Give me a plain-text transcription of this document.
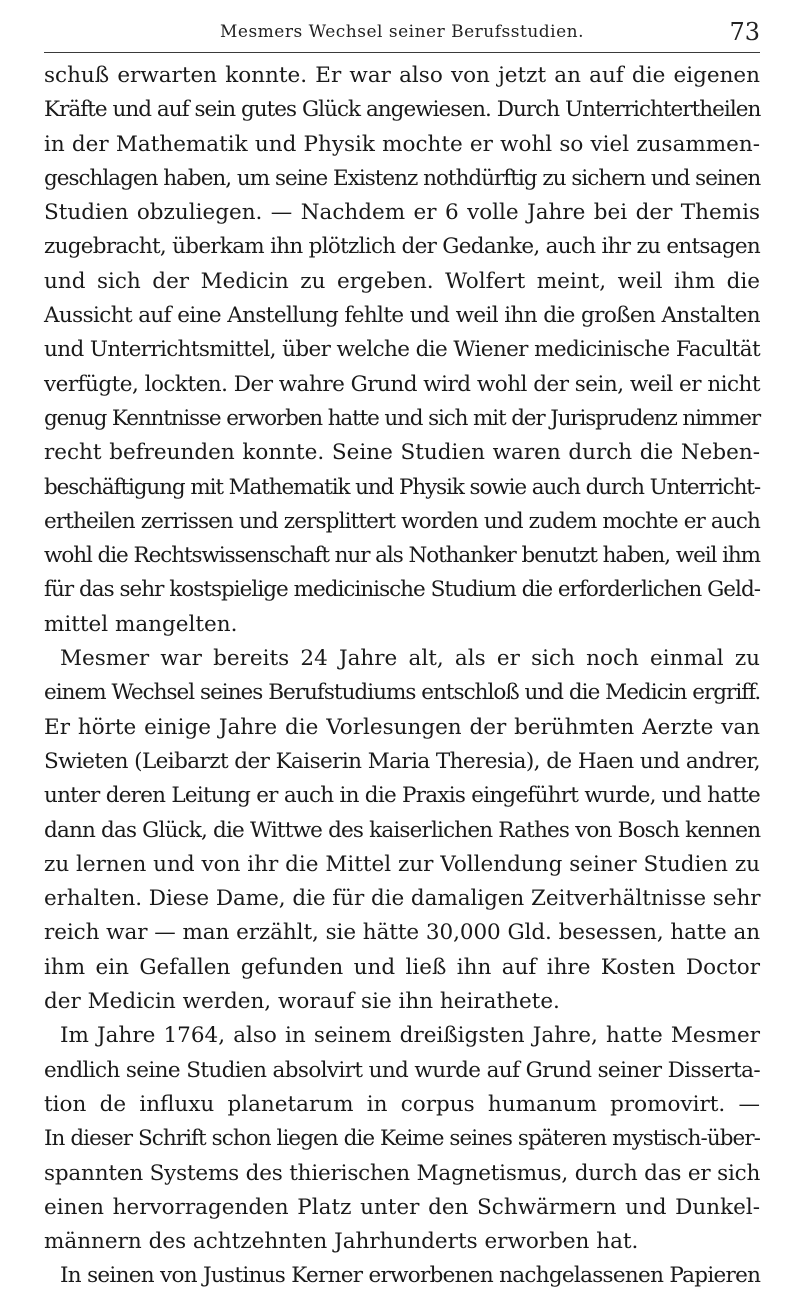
Mesmers Wechsel seiner Berufsstudien.	73
schuß erwarten konnte. Er war also von jetzt an auf die eigenen
Kräfte und auf sein gutes Glück angewiesen. Durch Unterrichtertheilen
in der Mathematik und Physik mochte er wohl so viel zusammen-
geschlagen haben, um seine Existenz nothdürftig zu sichern und seinen
Studien obzuliegen. — Nachdem er 6 volle Jahre bei der Themis
zugebracht, überkam ihn plötzlich der Gedanke, auch ihr zu entsagen
und sich der Medicin zu ergeben. Wolfert meint, weil ihm die
Aussicht auf eine Anstellung fehlte und weil ihn die großen Anstalten
und Unterrichtsmittel, über welche die Wiener medicinische Facultät
verfügte, lockten. Der wahre Grund wird wohl der sein, weil er nicht
genug Kenntnisse erworben hatte und sich mit der Jurisprudenz nimmer
recht befreunden konnte. Seine Studien waren durch die Neben-
beschäftigung mit Mathematik und Physik sowie auch durch Unterricht-
ertheilen zerrissen und zersplittert worden und zudem mochte er auch
wohl die Rechtswissenschaft nur als Nothanker benutzt haben, weil ihm
für das sehr kostspielige medicinische Studium die erforderlichen Geld-
mittel mangelten.
Mesmer war bereits 24 Jahre alt, als er sich noch einmal zu
einem Wechsel seines Berufstudiums entschloß und die Medicin ergriff.
Er hörte einige Jahre die Vorlesungen der berühmten Aerzte van
Swieten (Leibarzt der Kaiserin Maria Theresia), de Haen und andrer,
unter deren Leitung er auch in die Praxis eingeführt wurde, und hatte
dann das Glück, die Wittwe des kaiserlichen Rathes von Bosch kennen
zu lernen und von ihr die Mittel zur Vollendung seiner Studien zu
erhalten. Diese Dame, die für die damaligen Zeitverhältnisse sehr
reich war — man erzählt, sie hätte 30,000 Gld. besessen, hatte an
ihm ein Gefallen gefunden und ließ ihn auf ihre Kosten Doctor
der Medicin werden, worauf sie ihn heirathete.
Im Jahre 1764, also in seinem dreißigsten Jahre, hatte Mesmer
endlich seine Studien absolvirt und wurde auf Grund seiner Disserta-
tion de influxu planetarum in corpus humanum promovirt. —
In dieser Schrift schon liegen die Keime seines späteren mystisch-über-
spannten Systems des thierischen Magnetismus, durch das er sich
einen hervorragenden Platz unter den Schwärmern und Dunkel-
männern des achtzehnten Jahrhunderts erworben hat.
In seinen von Justinus Kerner erworbenen nachgelassenen Papieren
